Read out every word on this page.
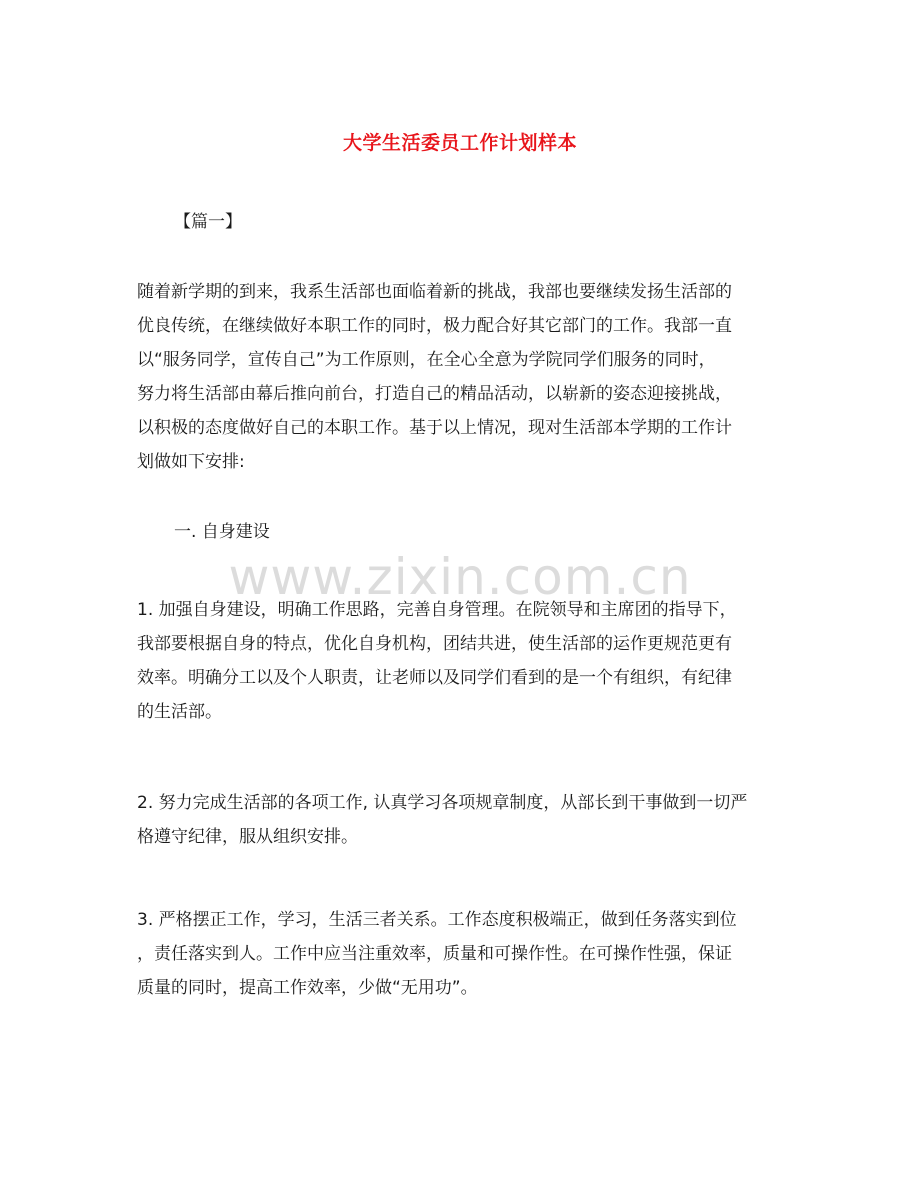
大学生活委员工作计划样本
【篇一】
随着新学期的到来，我系生活部也面临着新的挑战，我部也要继续发扬生活部的
优良传统，在继续做好本职工作的同时，极力配合好其它部门的工作。我部一直
以“服务同学，宣传自己”为工作原则，在全心全意为学院同学们服务的同时，
努力将生活部由幕后推向前台，打造自己的精品活动，以崭新的姿态迎接挑战，
以积极的态度做好自己的本职工作。基于以上情况，现对生活部本学期的工作计
划做如下安排:
一. 自身建设
www.zixin.com.cn
1. 加强自身建设，明确工作思路，完善自身管理。在院领导和主席团的指导下，
我部要根据自身的特点，优化自身机构，团结共进，使生活部的运作更规范更有
效率。明确分工以及个人职责，让老师以及同学们看到的是一个有组织，有纪律
的生活部。
2. 努力完成生活部的各项工作, 认真学习各项规章制度，从部长到干事做到一切严
格遵守纪律，服从组织安排。
3. 严格摆正工作，学习，生活三者关系。工作态度积极端正，做到任务落实到位
，责任落实到人。工作中应当注重效率，质量和可操作性。在可操作性强，保证
质量的同时，提高工作效率，少做“无用功”。
